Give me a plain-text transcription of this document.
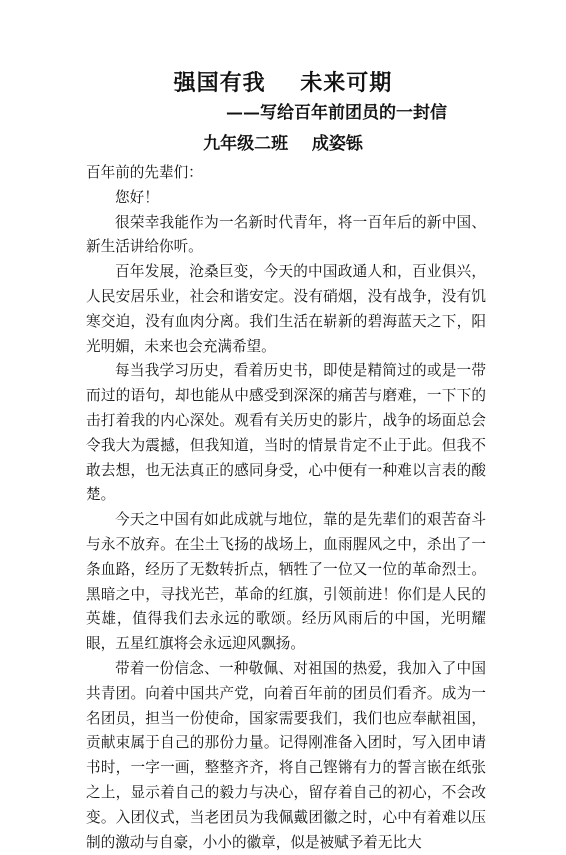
强国有我    未来可期
——写给百年前团员的一封信
九年级二班    成姿铄

百年前的先辈们：

您好！

很荣幸我能作为一名新时代青年，将一百年后的新中国、新生活讲给你听。

百年发展，沧桑巨变，今天的中国政通人和，百业俱兴，人民安居乐业，社会和谐安定。没有硝烟，没有战争，没有饥寒交迫，没有血肉分离。我们生活在崭新的碧海蓝天之下，阳光明媚，未来也会充满希望。

每当我学习历史，看着历史书，即使是精简过的或是一带而过的语句，却也能从中感受到深深的痛苦与磨难，一下下的击打着我的内心深处。观看有关历史的影片，战争的场面总会令我大为震撼，但我知道，当时的情景肯定不止于此。但我不敢去想，也无法真正的感同身受，心中便有一种难以言表的酸楚。

今天之中国有如此成就与地位，靠的是先辈们的艰苦奋斗与永不放弃。在尘土飞扬的战场上，血雨腥风之中，杀出了一条血路，经历了无数转折点，牺牲了一位又一位的革命烈士。黑暗之中，寻找光芒，革命的红旗，引领前进！你们是人民的英雄，值得我们去永远的歌颂。经历风雨后的中国，光明耀眼，五星红旗将会永远迎风飘扬。

带着一份信念、一种敬佩、对祖国的热爱，我加入了中国共青团。向着中国共产党，向着百年前的团员们看齐。成为一名团员，担当一份使命，国家需要我们，我们也应奉献祖国，贡献束属于自己的那份力量。记得刚准备入团时，写入团申请书时，一字一画，整整齐齐，将自己铿锵有力的誓言嵌在纸张之上，显示着自己的毅力与决心，留存着自己的初心，不会改变。入团仪式，当老团员为我佩戴团徽之时，心中有着难以压制的激动与自豪，小小的徽章，似是被赋予着无比大
